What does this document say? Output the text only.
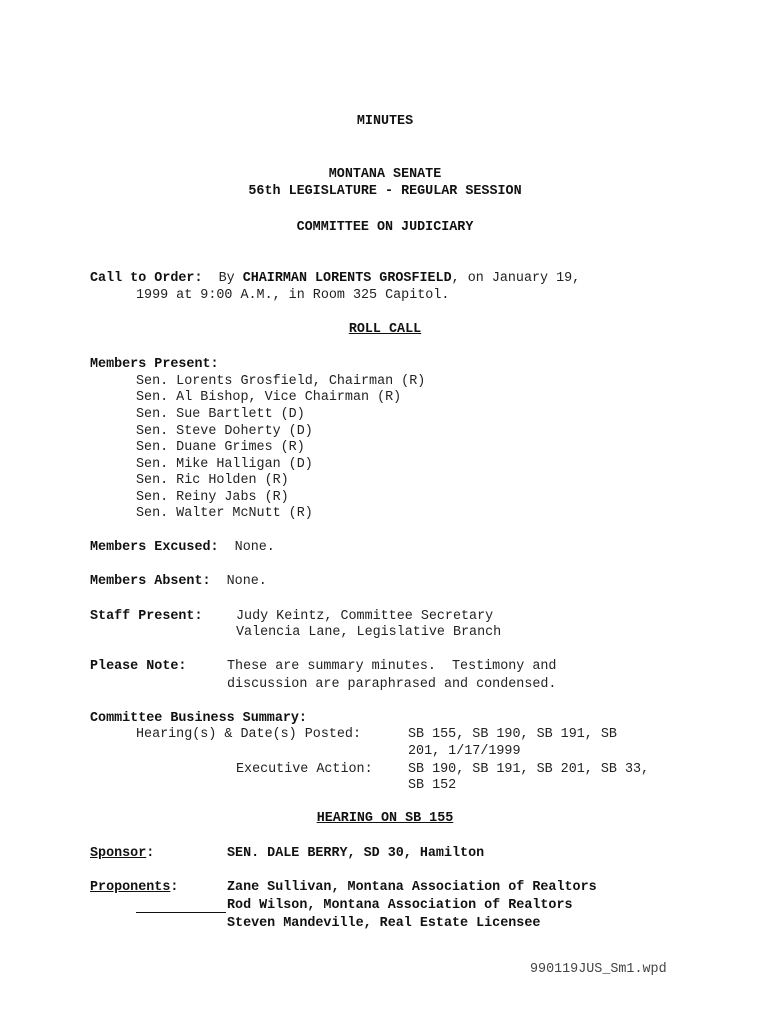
MINUTES
MONTANA SENATE
56th LEGISLATURE - REGULAR SESSION
COMMITTEE ON JUDICIARY
Call to Order: By CHAIRMAN LORENTS GROSFIELD, on January 19,
1999 at 9:00 A.M., in Room 325 Capitol.
ROLL CALL
Members Present:
Sen. Lorents Grosfield, Chairman (R)
Sen. Al Bishop, Vice Chairman (R)
Sen. Sue Bartlett (D)
Sen. Steve Doherty (D)
Sen. Duane Grimes (R)
Sen. Mike Halligan (D)
Sen. Ric Holden (R)
Sen. Reiny Jabs (R)
Sen. Walter McNutt (R)
Members Excused: None.
Members Absent: None.
Staff Present:	Judy Keintz, Committee Secretary
Valencia Lane, Legislative Branch
Please Note:	These are summary minutes.  Testimony and
discussion are paraphrased and condensed.
Committee Business Summary:
Hearing(s) & Date(s) Posted:	SB 155, SB 190, SB 191, SB
201, 1/17/1999
Executive Action:	SB 190, SB 191, SB 201, SB 33,
SB 152
HEARING ON SB 155
Sponsor:	SEN. DALE BERRY, SD 30, Hamilton
Proponents:	Zane Sullivan, Montana Association of Realtors
Rod Wilson, Montana Association of Realtors
Steven Mandeville, Real Estate Licensee
990119JUS_Sm1.wpd
